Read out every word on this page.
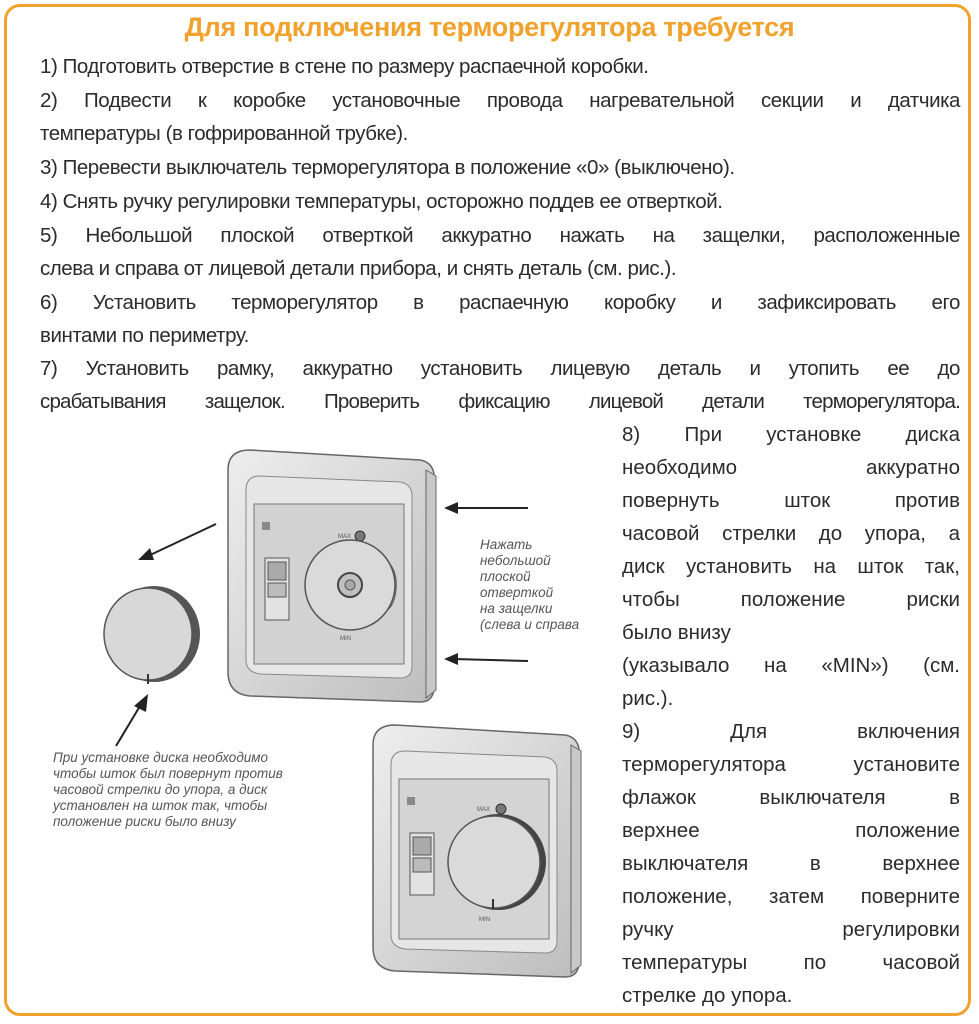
Для подключения терморегулятора требуется
1) Подготовить отверстие в стене по размеру распаечной коробки.
2) Подвести к коробке установочные провода нагревательной секции и датчика
температуры (в гофрированной трубке).
3) Перевести выключатель терморегулятора в положение «0» (выключено).
4) Снять ручку регулировки температуры, осторожно поддев ее отверткой.
5) Небольшой плоской отверткой аккуратно нажать на защелки, расположенные
слева и справа от лицевой детали прибора, и снять деталь (см. рис.).
6) Установить терморегулятор в распаечную коробку и зафиксировать его
винтами по периметру.
7) Установить рамку, аккуратно установить лицевую деталь и утопить ее до
срабатывания защелок. Проверить фиксацию лицевой детали терморегулятора.
8) При установке диска
необходимо аккуратно
повернуть шток против
часовой стрелки до упора, а
диск установить на шток так,
чтобы положение риски
было внизу
(указывало на «MIN») (см.
рис.).
9) Для включения
терморегулятора установите
флажок выключателя в
верхнее положение
выключателя в верхнее
положение, затем поверните
ручку регулировки
температуры по часовой
стрелке до упора.
MAX
MIN
Нажать
небольшой
плоской
отверткой
на защелки
(слева и справа
При установке диска необходимо
чтобы шток был повернут против
часовой стрелки до упора, а диск
установлен на шток так, чтобы
положение риски было внизу
MAX
MIN
